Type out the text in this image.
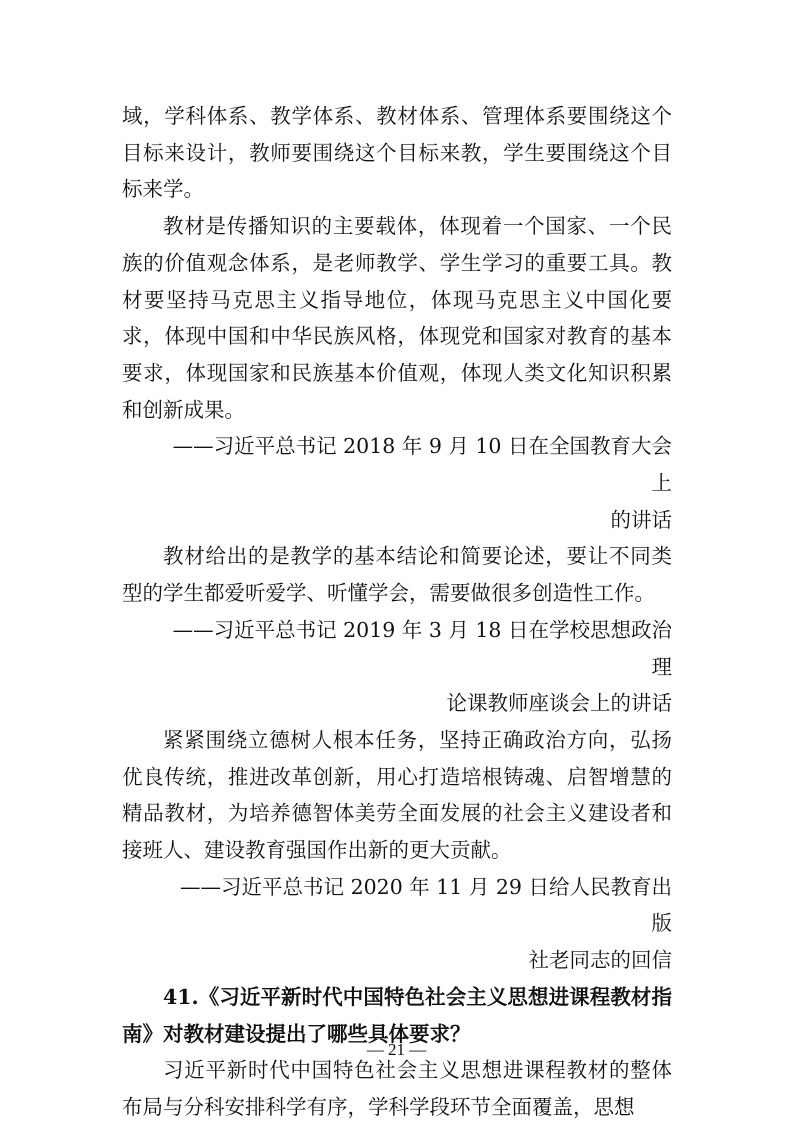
域，学科体系、教学体系、教材体系、管理体系要围绕这个目标来设计，教师要围绕这个目标来教，学生要围绕这个目标来学。

教材是传播知识的主要载体，体现着一个国家、一个民族的价值观念体系，是老师教学、学生学习的重要工具。教材要坚持马克思主义指导地位，体现马克思主义中国化要求，体现中国和中华民族风格，体现党和国家对教育的基本要求，体现国家和民族基本价值观，体现人类文化知识积累和创新成果。

——习近平总书记 2018 年 9 月 10 日在全国教育大会上
的讲话

教材给出的是教学的基本结论和简要论述，要让不同类型的学生都爱听爱学、听懂学会，需要做很多创造性工作。

——习近平总书记 2019 年 3 月 18 日在学校思想政治理
论课教师座谈会上的讲话

紧紧围绕立德树人根本任务，坚持正确政治方向，弘扬优良传统，推进改革创新，用心打造培根铸魂、启智增慧的精品教材，为培养德智体美劳全面发展的社会主义建设者和接班人、建设教育强国作出新的更大贡献。

——习近平总书记 2020 年 11 月 29 日给人民教育出版
社老同志的回信

41.《习近平新时代中国特色社会主义思想进课程教材指南》对教材建设提出了哪些具体要求？

习近平新时代中国特色社会主义思想进课程教材的整体布局与分科安排科学有序，学科学段环节全面覆盖，思想

— 21 —
